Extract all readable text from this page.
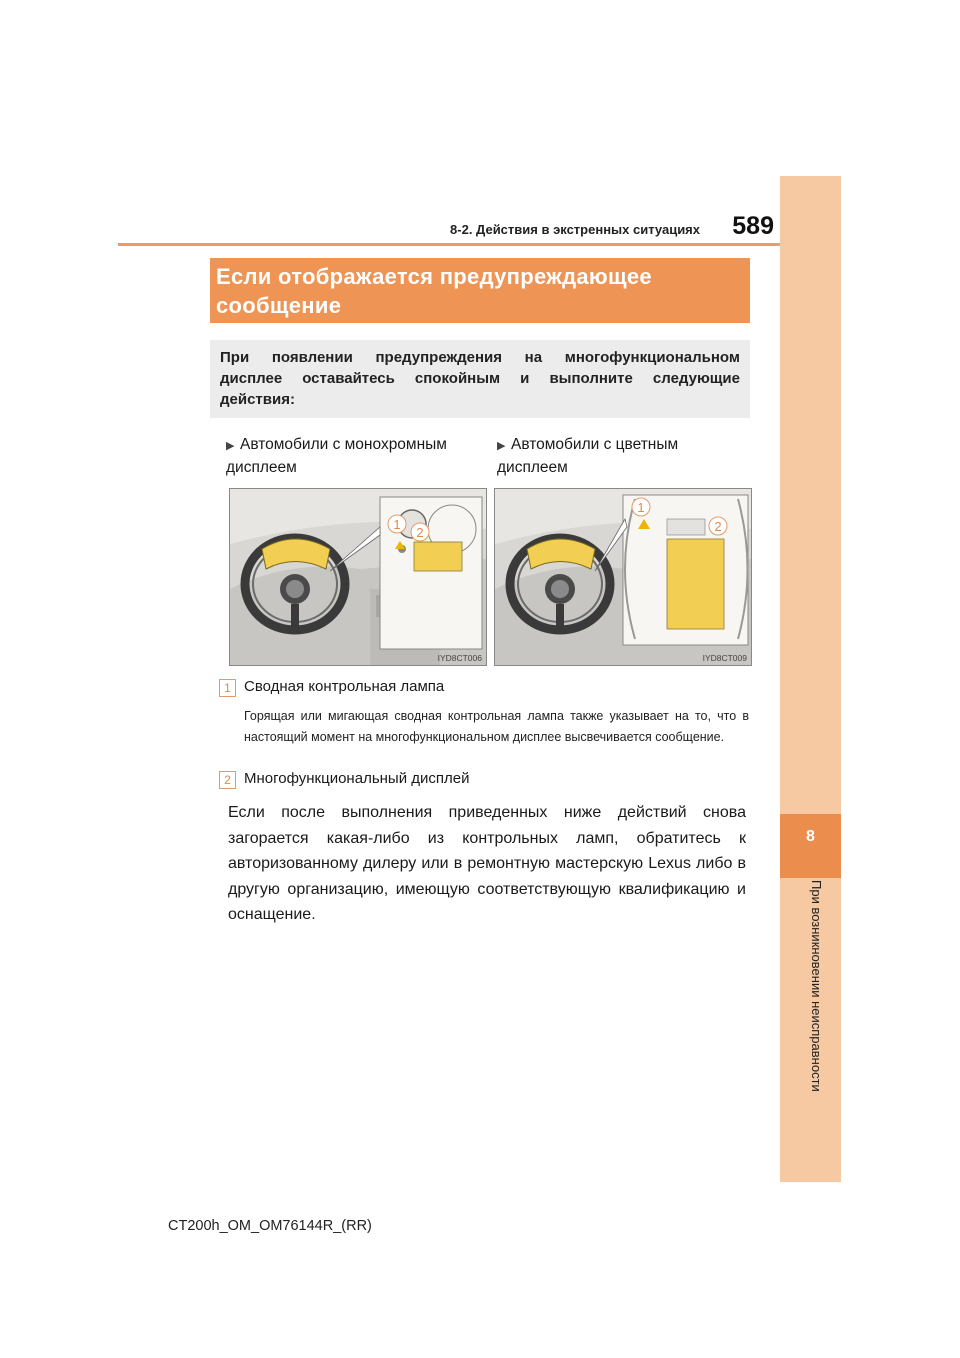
8-2. Действия в экстренных ситуациях	589
8
При возникновении неисправности
Если отображается предупреждающее сообщение
При появлении предупреждения на многофункциональном дисплее оставайтесь спокойным и выполните следующие действия:
▶ Автомобили с монохромным дисплеем
▶ Автомобили с цветным дисплеем
1
2
IYD8CT006
1
2
IYD8CT009
1 Сводная контрольная лампа
Горящая или мигающая сводная контрольная лампа также указывает на то, что в настоящий момент на многофункциональном дисплее высвечивается сообщение.
2 Многофункциональный дисплей
Если после выполнения приведенных ниже действий снова загорается какая-либо из контрольных ламп, обратитесь к авторизованному дилеру или в ремонтную мастерскую Lexus либо в другую организацию, имеющую соответствующую квалификацию и оснащение.
CT200h_OM_OM76144R_(RR)
